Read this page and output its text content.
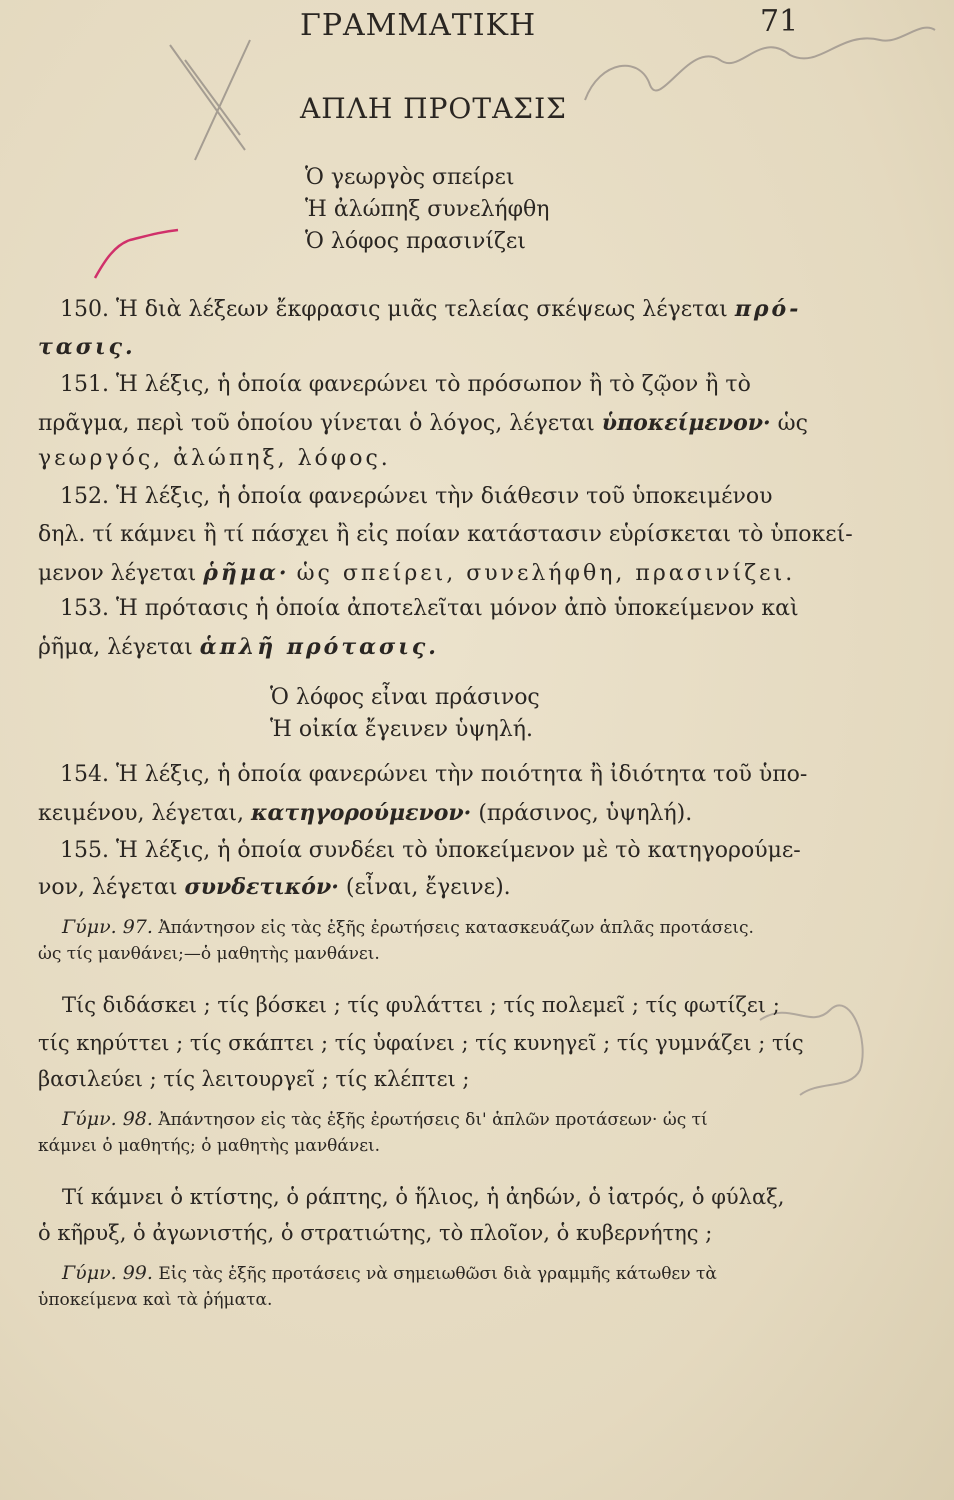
ΓΡΑΜΜΑΤΙΚΗ	71
ΑΠΛΗ ΠΡΟΤΑΣΙΣ
Ὁ γεωργὸς σπείρει
Ἡ ἀλώπηξ συνελήφθη
Ὁ λόφος πρασινίζει
150. Ἡ διὰ λέξεων ἔκφρασις μιᾶς τελείας σκέψεως λέγεται πρό-
τασις.
151. Ἡ λέξις, ἡ ὁποία φανερώνει τὸ πρόσωπον ἢ τὸ ζῷον ἢ τὸ
πρᾶγμα, περὶ τοῦ ὁποίου γίνεται ὁ λόγος, λέγεται ὑποκείμενον· ὡς
γεωργός, ἀλώπηξ, λόφος.
152. Ἡ λέξις, ἡ ὁποία φανερώνει τὴν διάθεσιν τοῦ ὑποκειμένου
δηλ. τί κάμνει ἢ τί πάσχει ἢ εἰς ποίαν κατάστασιν εὑρίσκεται τὸ ὑποκεί-
μενον λέγεται ῥῆμα· ὡς σπείρει, συνελήφθη, πρασινίζει.
153. Ἡ πρότασις ἡ ὁποία ἀποτελεῖται μόνον ἀπὸ ὑποκείμενον καὶ
ῥῆμα, λέγεται ἁπλῆ πρότασις.
Ὁ λόφος εἶναι πράσινος
Ἡ οἰκία ἔγεινεν ὑψηλή.
154. Ἡ λέξις, ἡ ὁποία φανερώνει τὴν ποιότητα ἢ ἰδιότητα τοῦ ὑπο-
κειμένου, λέγεται, κατηγορούμενον· (πράσινος, ὑψηλή).
155. Ἡ λέξις, ἡ ὁποία συνδέει τὸ ὑποκείμενον μὲ τὸ κατηγορούμε-
νον, λέγεται συνδετικόν· (εἶναι, ἔγεινε).
Γύμν. 97. Ἀπάντησον εἰς τὰς ἑξῆς ἐρωτήσεις κατασκευάζων ἁπλᾶς προτάσεις.
ὡς τίς μανθάνει;—ὁ μαθητὴς μανθάνει.
Τίς διδάσκει ; τίς βόσκει ; τίς φυλάττει ; τίς πολεμεῖ ; τίς φωτίζει ;
τίς κηρύττει ; τίς σκάπτει ; τίς ὑφαίνει ; τίς κυνηγεῖ ; τίς γυμνάζει ; τίς
βασιλεύει ; τίς λειτουργεῖ ; τίς κλέπτει ;
Γύμν. 98. Ἀπάντησον εἰς τὰς ἑξῆς ἐρωτήσεις δι' ἁπλῶν προτάσεων· ὡς τί
κάμνει ὁ μαθητής; ὁ μαθητὴς μανθάνει.
Τί κάμνει ὁ κτίστης, ὁ ράπτης, ὁ ἥλιος, ἡ ἀηδών, ὁ ἰατρός, ὁ φύλαξ,
ὁ κῆρυξ, ὁ ἀγωνιστής, ὁ στρατιώτης, τὸ πλοῖον, ὁ κυβερνήτης ;
Γύμν. 99. Εἰς τὰς ἑξῆς προτάσεις νὰ σημειωθῶσι διὰ γραμμῆς κάτωθεν τὰ
ὑποκείμενα καὶ τὰ ῥήματα.
